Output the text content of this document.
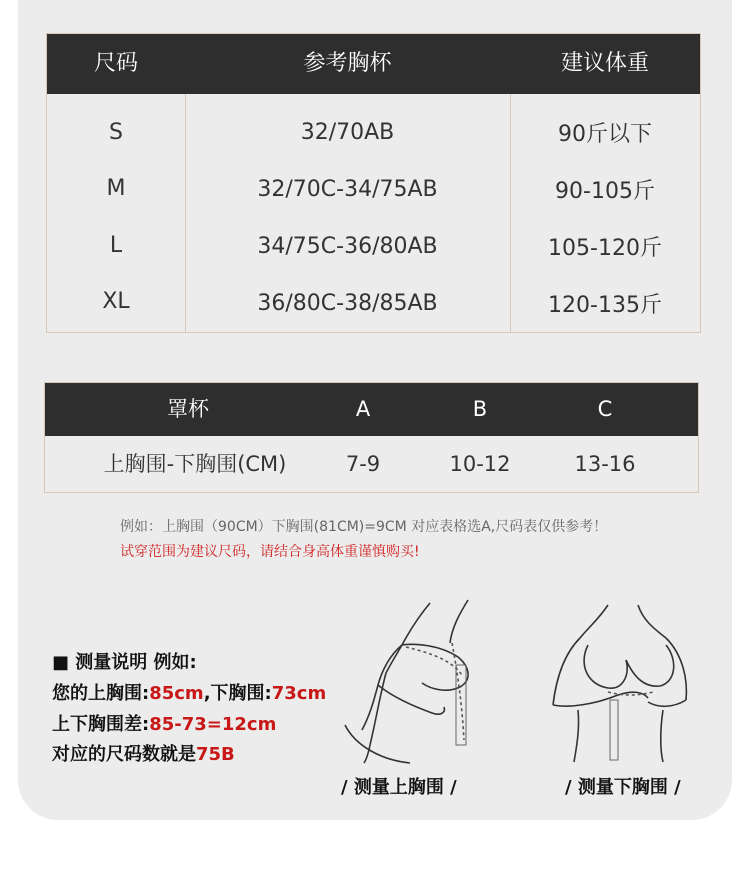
尺码	参考胸杯	建议体重
S	32/70AB	90斤以下
M	32/70C-34/75AB	90-105斤
L	34/75C-36/80AB	105-120斤
XL	36/80C-38/85AB	120-135斤
罩杯	A	B	C
上胸围-下胸围(CM)	7-9	10-12	13-16
例如：上胸围（90CM）下胸围(81CM)=9CM 对应表格选A,尺码表仅供参考！
试穿范围为建议尺码，请结合身高体重谨慎购买!
■ 测量说明 例如:
您的上胸围:85cm,下胸围:73cm
上下胸围差:85-73=12cm
对应的尺码数就是75B
/ 测量上胸围 /	/ 测量下胸围 /
